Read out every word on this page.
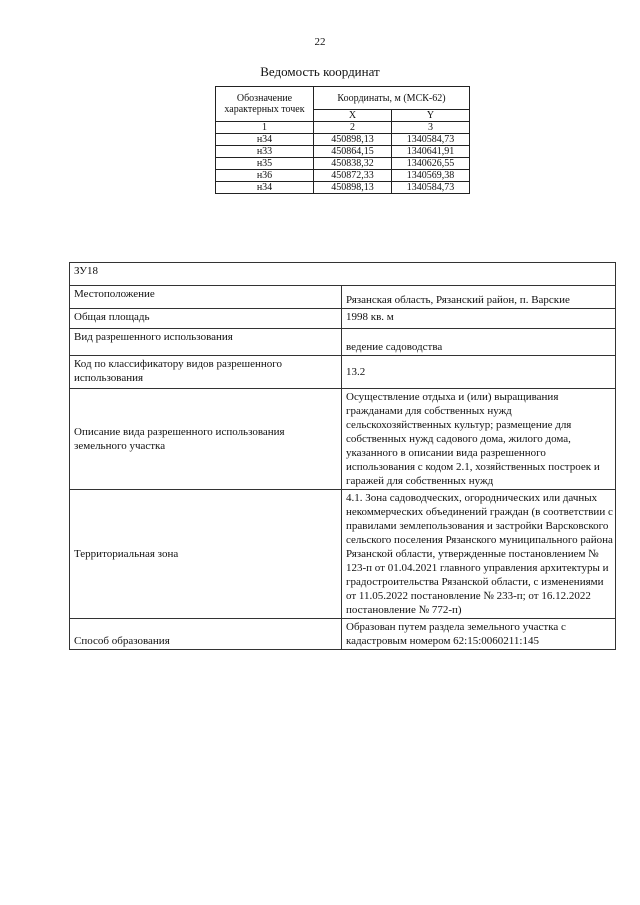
22
Ведомость координат
Обозначение характерных точек	Координаты, м (МСК-62)	
	X	Y
1	2	3
н34	450898,13	1340584,73
н33	450864,15	1340641,91
н35	450838,32	1340626,55
н36	450872,33	1340569,38
н34	450898,13	1340584,73
ЗУ18	
Местоположение	Рязанская область, Рязанский район, п. Варские
Общая площадь	1998 кв. м
Вид разрешенного использования	ведение садоводства
Код по классификатору видов разрешенного использования	13.2
Описание вида разрешенного использования земельного участка	Осуществление отдыха и (или) выращивания гражданами для собственных нужд сельскохозяйственных культур; размещение для собственных нужд садового дома, жилого дома, указанного в описании вида разрешенного использования с кодом 2.1, хозяйственных построек и гаражей для собственных нужд
Территориальная зона	4.1. Зона садоводческих, огороднических или дачных некоммерческих объединений граждан (в соответствии с правилами землепользования и застройки Варсковского сельского поселения Рязанского муниципального района Рязанской области, утвержденные постановлением № 123-п от 01.04.2021 главного управления архитектуры и градостроительства Рязанской области, с изменениями от 11.05.2022 постановление № 233-п; от 16.12.2022 постановление № 772-п)
Способ образования	Образован путем раздела земельного участка с кадастровым номером 62:15:0060211:145
